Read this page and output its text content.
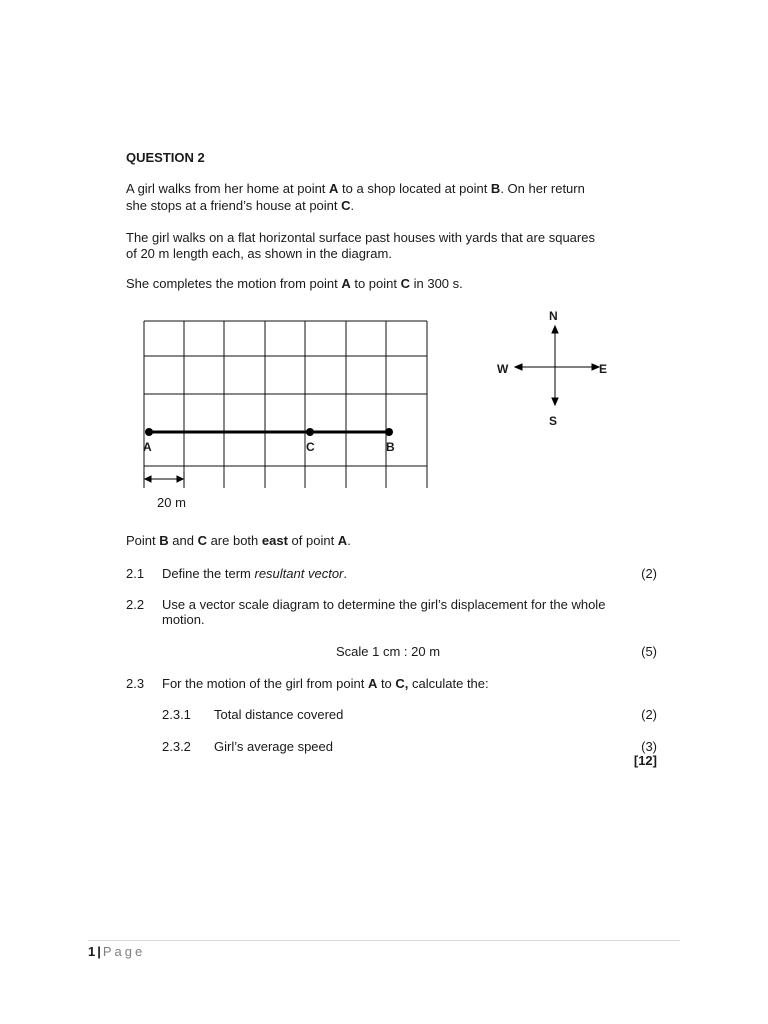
QUESTION 2
A girl walks from her home at point A to a shop located at point B. On her return
she stops at a friend’s house at point C.
The girl walks on a flat horizontal surface past houses with yards that are squares
of 20 m length each, as shown in the diagram.
She completes the motion from point A to point C in 300 s.
A	C	B
20 m
N
S
W	E
Point B and C are both east of point A.
2.1 Define the term resultant vector.	(2)
2.2 Use a vector scale diagram to determine the girl’s displacement for the whole
motion.
Scale 1 cm : 20 m	(5)
2.3 For the motion of the girl from point A to C, calculate the:
2.3.1 Total distance covered	(2)
2.3.2 Girl’s average speed	(3)
[12]
1 | Page
